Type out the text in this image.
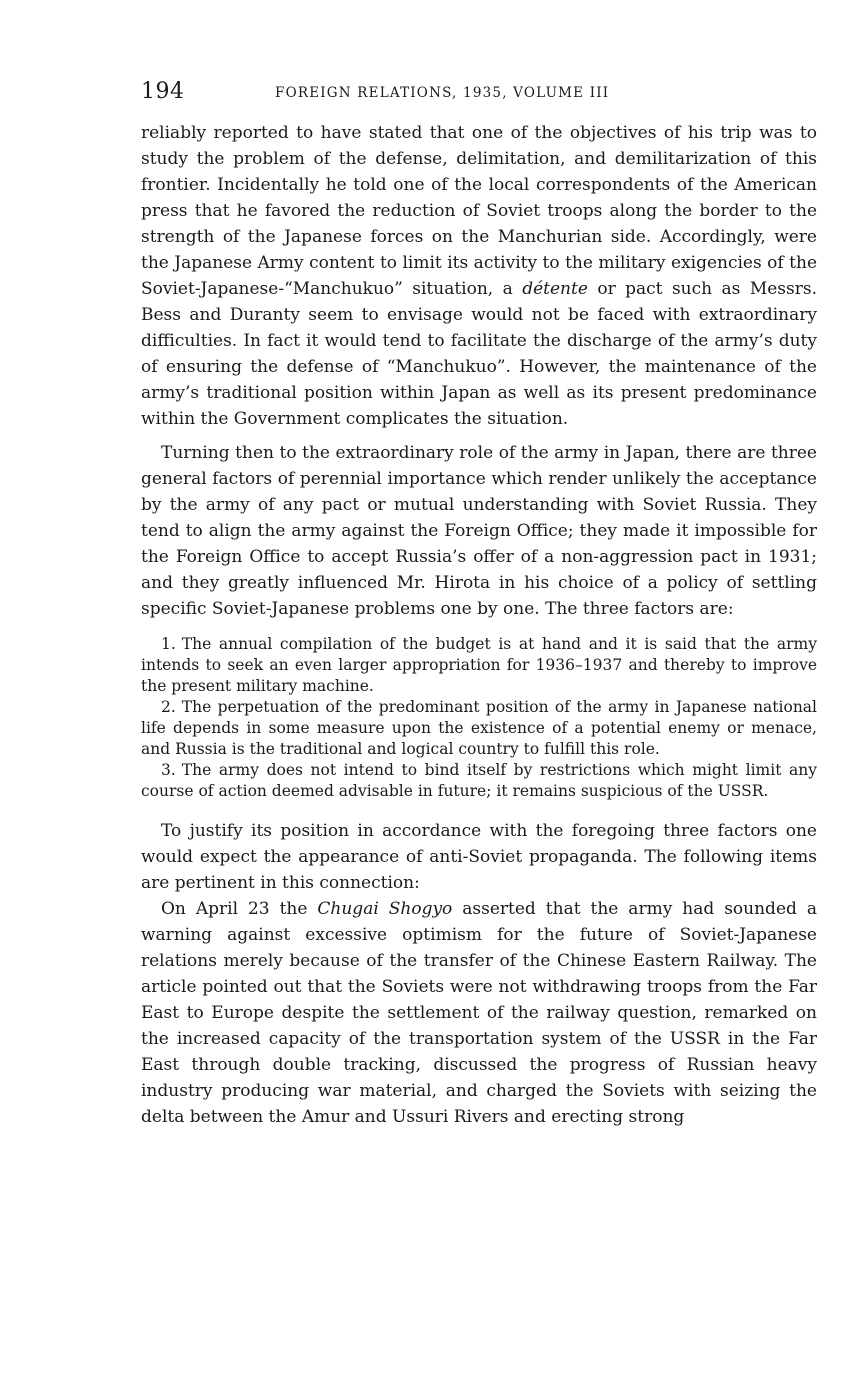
194	FOREIGN RELATIONS, 1935, VOLUME III

reliably reported to have stated that one of the objectives of his trip was to study the problem of the defense, delimitation, and demilitarization of this frontier. Incidentally he told one of the local correspondents of the American press that he favored the reduction of Soviet troops along the border to the strength of the Japanese forces on the Manchurian side. Accordingly, were the Japanese Army content to limit its activity to the military exigencies of the Soviet-Japanese-“Manchukuo” situation, a détente or pact such as Messrs. Bess and Duranty seem to envisage would not be faced with extraordinary difficulties. In fact it would tend to facilitate the discharge of the army’s duty of ensuring the defense of “Manchukuo”. However, the maintenance of the army’s traditional position within Japan as well as its present predominance within the Government complicates the situation.

Turning then to the extraordinary role of the army in Japan, there are three general factors of perennial importance which render unlikely the acceptance by the army of any pact or mutual understanding with Soviet Russia. They tend to align the army against the Foreign Office; they made it impossible for the Foreign Office to accept Russia’s offer of a non-aggression pact in 1931; and they greatly influenced Mr. Hirota in his choice of a policy of settling specific Soviet-Japanese problems one by one. The three factors are:

1. The annual compilation of the budget is at hand and it is said that the army intends to seek an even larger appropriation for 1936–1937 and thereby to improve the present military machine.

2. The perpetuation of the predominant position of the army in Japanese national life depends in some measure upon the existence of a potential enemy or menace, and Russia is the traditional and logical country to fulfill this role.

3. The army does not intend to bind itself by restrictions which might limit any course of action deemed advisable in future; it remains suspicious of the USSR.

To justify its position in accordance with the foregoing three factors one would expect the appearance of anti-Soviet propaganda. The following items are pertinent in this connection:

On April 23 the Chugai Shogyo asserted that the army had sounded a warning against excessive optimism for the future of Soviet-Japanese relations merely because of the transfer of the Chinese Eastern Railway. The article pointed out that the Soviets were not withdrawing troops from the Far East to Europe despite the settlement of the railway question, remarked on the increased capacity of the transportation system of the USSR in the Far East through double tracking, discussed the progress of Russian heavy industry producing war material, and charged the Soviets with seizing the delta between the Amur and Ussuri Rivers and erecting strong
